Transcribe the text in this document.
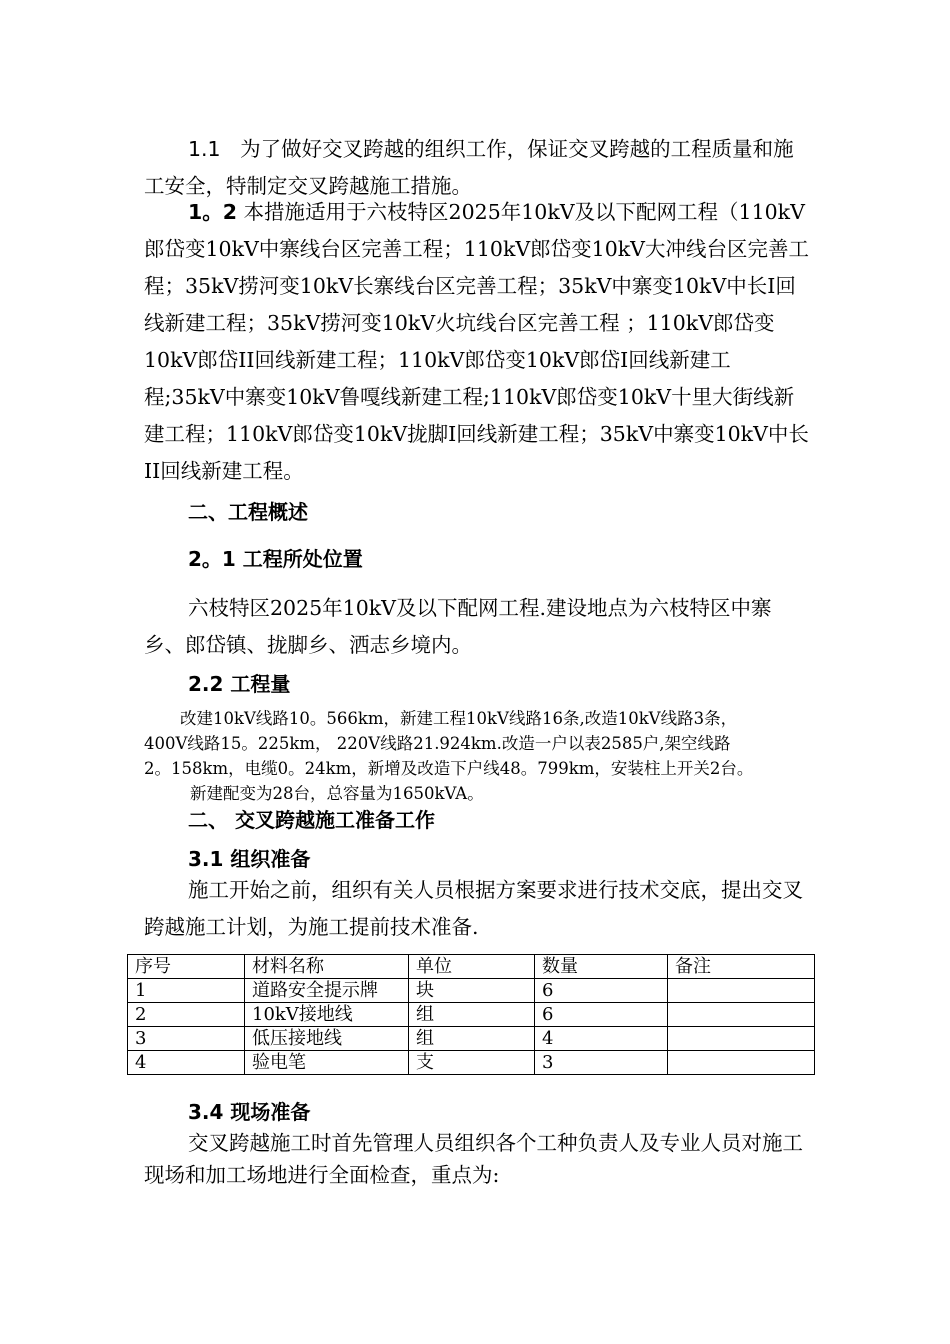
1.1 为了做好交叉跨越的组织工作，保证交叉跨越的工程质量和施工安全，特制定交叉跨越施工措施。
1。2 本措施适用于六枝特区2025年10kV及以下配网工程（110kV郎岱变10kV中寨线台区完善工程；110kV郎岱变10kV大冲线台区完善工程；35kV捞河变10kV长寨线台区完善工程；35kV中寨变10kV中长I回线新建工程；35kV捞河变10kV火坑线台区完善工程 ；110kV郎岱变10kV郎岱II回线新建工程；110kV郎岱变10kV郎岱I回线新建工程;35kV中寨变10kV鲁嘎线新建工程;110kV郎岱变10kV十里大街线新建工程；110kV郎岱变10kV拢脚I回线新建工程；35kV中寨变10kV中长II回线新建工程。
二、工程概述
2。1 工程所处位置
六枝特区2025年10kV及以下配网工程.建设地点为六枝特区中寨乡、郎岱镇、拢脚乡、洒志乡境内。
2.2 工程量
改建10kV线路10。566km，新建工程10kV线路16条,改造10kV线路3条，
400V线路15。225km， 220V线路21.924km.改造一户以表2585户,架空线路
2。158km，电缆0。24km，新增及改造下户线48。799km，安装柱上开关2台。
新建配变为28台，总容量为1650kVA。
二、 交叉跨越施工准备工作
3.1 组织准备
施工开始之前，组织有关人员根据方案要求进行技术交底，提出交叉跨越施工计划，为施工提前技术准备.
序号	材料名称	单位	数量	备注
1	道路安全提示牌	块	6	
2	10kV接地线	组	6	
3	低压接地线	组	4	
4	验电笔	支	3	
3.4 现场准备
交叉跨越施工时首先管理人员组织各个工种负责人及专业人员对施工现场和加工场地进行全面检查，重点为:
